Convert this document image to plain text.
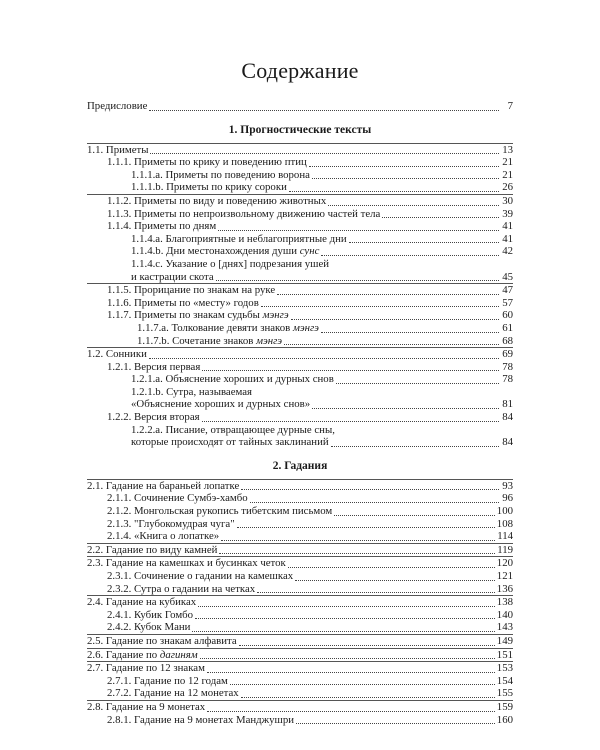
Содержание
Предисловие	7
1. Прогностические тексты
1.1. Приметы	13
1.1.1. Приметы по крику и поведению птиц	21
1.1.1.a. Приметы по поведению ворона	21
1.1.1.b. Приметы по крику сороки	26
1.1.2. Приметы по виду и поведению животных	30
1.1.3. Приметы по непроизвольному движению частей тела	39
1.1.4. Приметы по дням	41
1.1.4.a. Благоприятные и неблагоприятные дни	41
1.1.4.b. Дни местонахождения души сунс	42
1.1.4.c. Указание о [днях] подрезания ушей
и кастрации скота	45
1.1.5. Прорицание по знакам на руке	47
1.1.6. Приметы по «месту» годов	57
1.1.7. Приметы по знакам судьбы мэнгэ	60
1.1.7.a. Толкование девяти знаков мэнгэ	61
1.1.7.b. Сочетание знаков мэнгэ	68
1.2. Сонники	69
1.2.1. Версия первая	78
1.2.1.a. Объяснение хороших и дурных снов	78
1.2.1.b. Сутра, называемая
«Объяснение хороших и дурных снов»	81
1.2.2. Версия вторая	84
1.2.2.a. Писание, отвращающее дурные сны,
которые происходят от тайных заклинаний	84
2. Гадания
2.1. Гадание на бараньей лопатке	93
2.1.1. Сочинение Сумбэ-хамбо	96
2.1.2. Монгольская рукопись тибетским письмом	100
2.1.3. "Глубокомудрая чуга"	108
2.1.4. «Книга о лопатке»	114
2.2. Гадание по виду камней	119
2.3. Гадание на камешках и бусинках четок	120
2.3.1. Сочинение о гадании на камешках	121
2.3.2. Сутра о гадании на четках	136
2.4. Гадание на кубиках	138
2.4.1. Кубик Гомбо	140
2.4.2. Кубок Мани	143
2.5. Гадание по знакам алфавита	149
2.6. Гадание по дагиням	151
2.7. Гадание по 12 знакам	153
2.7.1. Гадание по 12 годам	154
2.7.2. Гадание на 12 монетах	155
2.8. Гадание на 9 монетах	159
2.8.1. Гадание на 9 монетах Манджушри	160
